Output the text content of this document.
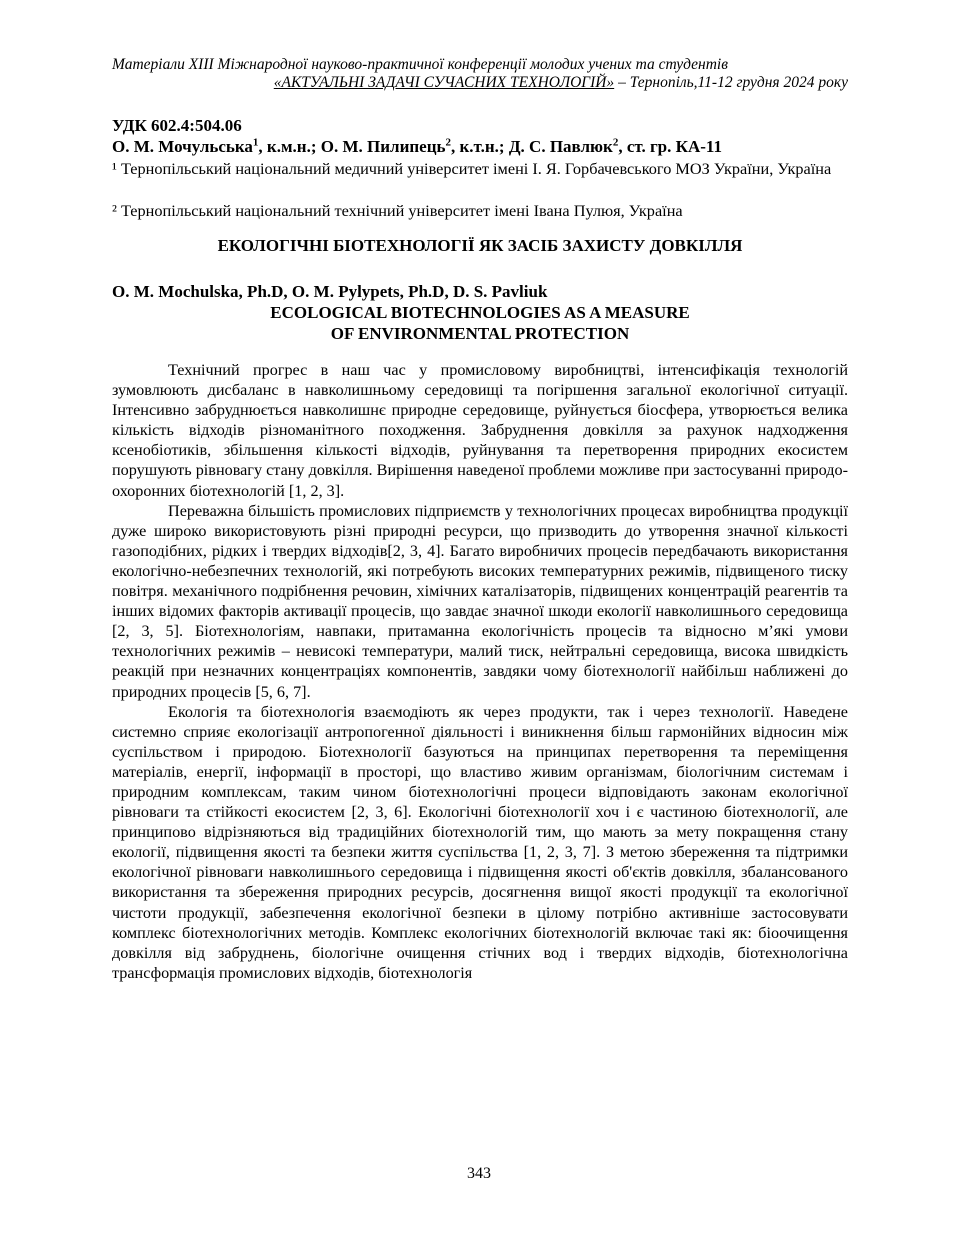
Матеріали XIII Міжнародної науково-практичної конференції молодих учених та студентів
«АКТУАЛЬНІ ЗАДАЧІ СУЧАСНИХ ТЕХНОЛОГІЙ» – Тернопіль,11-12 грудня 2024 року
УДК 602.4:504.06
О. М. Мочульська$^1$, к.м.н.; О. М. Пилипець$^2$, к.т.н.; Д. С. Павлюк$^2$, ст. гр. КА-11
¹ Тернопільський національний медичний університет імені І. Я. Горбачевського МОЗ України, Україна
² Тернопільський національний технічний університет імені Івана Пулюя, Україна
ЕКОЛОГІЧНІ БІОТЕХНОЛОГІЇ ЯК ЗАСІБ ЗАХИСТУ ДОВКІЛЛЯ
O. M. Mochulska, Ph.D, O. M. Pylypets, Ph.D, D. S. Pavliuk
ECOLOGICAL BIOTECHNOLOGIES AS A MEASURE
OF ENVIRONMENTAL PROTECTION

Технічний прогрес в наш час у промисловому виробництві, інтенсифікація технологій зумовлюють дисбаланс в навколишньому середовищі та погіршення загальної екологічної ситуації. Інтенсивно забруднюється навколишнє природне середовище, руйнується біосфера, утворюється велика кількість відходів різноманітного походження. Забруднення довкілля за рахунок надходження ксенобіотиків, збільшення кількості відходів, руйнування та перетворення природних екосистем порушують рівновагу стану довкілля. Вирішення наведеної проблеми можливе при застосуванні природо-охоронних біотехнологій [1, 2, 3].

Переважна більшість промислових підприємств у технологічних процесах виробництва продукції дуже широко використовують різні природні ресурси, що призводить до утворення значної кількості газоподібних, рідких і твердих відходів[2, 3, 4]. Багато виробничих процесів передбачають використання екологічно-небезпечних технологій, які потребують високих температурних режимів, підвищеного тиску повітря. механічного подрібнення речовин, хімічних каталізаторів, підвищених концентрацій реагентів та інших відомих факторів активації процесів, що завдає значної шкоди екології навколишнього середовища [2, 3, 5]. Біотехнологіям, навпаки, притаманна екологічність процесів та відносно м’які умови технологічних режимів – невисокі температури, малий тиск, нейтральні середовища, висока швидкість реакцій при незначних концентраціях компонентів, завдяки чому біотехнології найбільш наближені до природних процесів [5, 6, 7].

Екологія та біотехнологія взаємодіють як через продукти, так і через технології. Наведене системно сприяє екологізації антропогенної діяльності і виникнення більш гармонійних відносин між суспільством і природою. Біотехнології базуються на принципах перетворення та переміщення матеріалів, енергії, інформації в просторі, що властиво живим організмам, біологічним системам і природним комплексам, таким чином біотехнологічні процеси відповідають законам екологічної рівноваги та стійкості екосистем [2, 3, 6]. Екологічні біотехнології хоч і є частиною біотехнології, але принципово відрізняються від традиційних біотехнологій тим, що мають за мету покращення стану екології, підвищення якості та безпеки життя суспільства [1, 2, 3, 7]. З метою збереження та підтримки екологічної рівноваги навколишнього середовища і підвищення якості об'єктів довкілля, збалансованого використання та збереження природних ресурсів, досягнення вищої якості продукції та екологічної чистоти продукції, забезпечення екологічної безпеки в цілому потрібно активніше застосовувати комплекс біотехнологічних методів. Комплекс екологічних біотехнологій включає такі як: біоочищення довкілля від забруднень, біологічне очищення стічних вод і твердих відходів, біотехнологічна трансформація промислових відходів, біотехнологія

343
